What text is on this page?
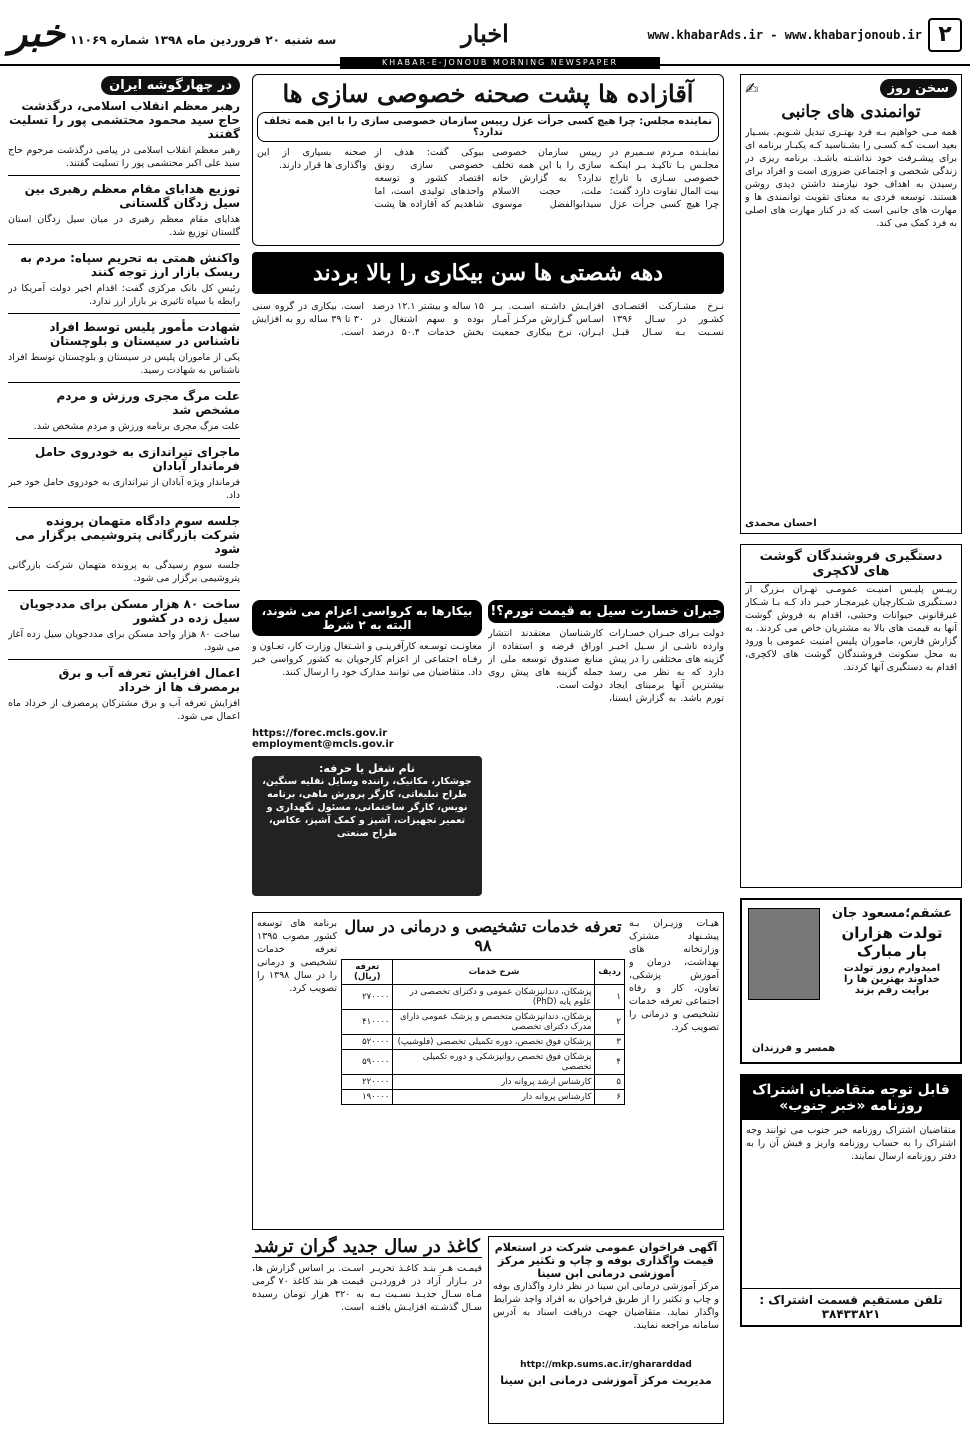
۲
www.khabarAds.ir - www.khabarjonoub.ir
اخبار
سه شنبه ۲۰ فروردین ماه ۱۳۹۸ شماره ۱۱۰۶۹
خبر
KHABAR-E-JONOUB MORNING NEWSPAPER
سخن روز
✍
توانمندی های جانبی

همه مـی خواهیم بـه فرد بهتـری تبدیل شـویم. بسـیار بعید اسـت کـه کسـی را بشـناسید کـه یکبـار برنامه ای برای پیشـرفت خود نداشـته باشـد. برنامه ریزی در زندگی شخصی و اجتماعی ضروری است و افراد برای رسیدن به اهداف خود نیازمند داشتن دیدی روشن هستند. توسعه فردی به معنای تقویت توانمندی ها و مهارت های جانبی است که در کنار مهارت های اصلی به فرد کمک می کند.

احسان محمدی
دستگیری فروشندگان گوشت های لاکچری

رییـس پلیـس امنیـت عمومـی تهـران بـزرگ از دسـتگیری شـکارچیان غیرمجـاز خبـر داد کـه بـا شـکار غیرقانونی حیوانات وحشی، اقدام به فروش گوشت آنها به قیمت های بالا به مشتریان خاص می کردند. به گزارش فارس، ماموران پلیس امنیت عمومی با ورود به محل سکونت فروشندگان گوشت های لاکچری، اقدام به دستگیری آنها کردند.

عشقم؛مسعود جان
تولدت هزاران بار مبارک
امیدوارم روز تولدت خداوند بهترین ها را برایت رقم بزند
همسر و فرزندان
قابل توجه متقاضیان اشتراک روزنامه «خبر جنوب»

متقاضیان اشتراک روزنامه خبر جنوب می توانند وجه اشتراک را به حساب روزنامه واریز و فیش آن را به دفتر روزنامه ارسال نمایند.

تلفن مستقیم قسمت اشتراک : ۳۸۴۳۳۸۲۱
آقازاده ها پشت صحنه خصوصی سازی ها
نماینده مجلس: چرا هیچ کسی جرأت عزل رییس سازمان خصوصی سازی را با این همه تخلف ندارد؟

نماینـده مـردم سـمیرم در مجلـس بـا تاکیـد بـر اینکـه خصوصی سـازی با تاراج بیت المال تفاوت دارد گفت: چرا هیچ کسی جرأت عزل رییس سازمان خصوصی سازی را با این همه تخلف ندارد؟ به گزارش خانه ملت، حجت الاسلام سیدابوالفضل موسوی بیوکی گفت: هدف از خصوصی سازی رونق اقتصاد کشور و توسعه واحدهای تولیدی است، اما شاهدیم که آقازاده ها پشت صحنه بسیاری از این واگذاری ها قرار دارند.

دهه شصتی ها سن بیکاری را بالا بردند

نـرخ مشـارکت اقتصـادی کشـور در سـال ۱۳۹۶ نسـبت بـه سـال قبـل افزایـش داشـته اسـت. بـر اسـاس گـزارش مرکـز آمـار ایـران، نرخ بیکاری جمعیت ۱۵ ساله و بیشتر ۱۲.۱ درصد بوده و سهم اشتغال در بخش خدمات ۵۰.۴ درصد است. بیکاری در گروه سنی ۳۰ تا ۳۹ ساله رو به افزایش است.

جبران خسارت سیل به قیمت تورم؟!

دولت بـرای جبـران خسـارات وارده ناشـی از سـیل اخیـر گزینه های مختلفی را در پیش دارد که به نظر می رسد بیشترین آنها برمبنای ایجاد تورم باشد. به گزارش ایسنا، کارشناسان معتقدند انتشار اوراق قرضه و استفاده از منابع صندوق توسعه ملی از جمله گزینه های پیش روی دولت است.

بیکارها به کرواسی اعزام می شوند، البته به ۲ شرط

معاونـت توسـعه کارآفرینـی و اشـتغال وزارت کار، تعـاون و رفـاه اجتماعی از اعزام کارجویان به کشور کرواسی خبر داد. متقاضیان می توانند مدارک خود را ارسال کنند.

https://forec.mcls.gov.ir
employment@mcls.gov.ir
نام شغل یا حرفه:

جوشکار، مکانیک، راننده وسایل نقلیه سنگین، طراح تبلیغاتی، کارگر پرورش ماهی، برنامه نویس، کارگر ساختمانی، مسئول نگهداری و تعمیر تجهیزات، آشپز و کمک آشپز، عکاس، طراح صنعتی

هیـات وزیـران بـه پیشـنهاد مشترک وزارتخانه های بهداشت، درمان و آموزش پزشکی، تعاون، کار و رفاه اجتماعی تعرفه خدمات تشخیصی و درمانی را تصویب کرد.

تعرفه خدمات تشخیصی و درمانی در سال ۹۸
ردیف	شرح خدمات	تعرفه (ریال)
۱	پزشکان، دندانپزشکان عمومی و دکترای تخصصی در علوم پایه (PhD)	۲۷۰۰۰۰
۲	پزشکان، دندانپزشکان متخصص و پزشک عمومی دارای مدرک دکترای تخصصی	۴۱۰۰۰۰
۳	پزشکان فوق تخصص، دوره تکمیلی تخصصی (فلوشیپ)	۵۲۰۰۰۰
۴	پزشکان فوق تخصص روانپزشکی و دوره تکمیلی تخصصی	۵۹۰۰۰۰
۵	کارشناس ارشد پروانه دار	۲۲۰۰۰۰
۶	کارشناس پروانه دار	۱۹۰۰۰۰

برنامه های توسعه کشور مصوب ۱۳۹۵ تعرفه خدمات تشخیصی و درمانی را در سال ۱۳۹۸ را تصویب کرد.

آگهی فراخوان عمومی شرکت در استعلام قیمت واگذاری بوفه و چاپ و تکثیر مرکز آموزشی درمانی ابن سینا

مرکز آموزشی درمانی ابن سینا در نظر دارد واگذاری بوفه و چاپ و تکثیر را از طریق فراخوان به افراد واجد شرایط واگذار نماید. متقاضیان جهت دریافت اسناد به آدرس سامانه مراجعه نمایند.

http://mkp.sums.ac.ir/ghararddad
مدیریت مرکز آموزشی درمانی ابن سینا
کاغذ در سال جدید گران ترشد

قیمـت هـر بنـد کاغـذ تحریـر در بـازار آزاد در فروردیـن مـاه سـال جدیـد نسـبت بـه سـال گذشـته افزایـش یافتـه اسـت. بر اساس گزارش ها، قیمت هر بند کاغذ ۷۰ گرمی به ۳۲۰ هزار تومان رسیده است.

در چهارگوشه ایران
رهبر معظم انقلاب اسلامی، درگذشت حاج سید محمود محتشمی پور را تسلیت گفتند

رهبر معظم انقلاب اسلامی در پیامی درگذشت مرحوم حاج سید علی اکبر محتشمی پور را تسلیت گفتند.

توزیع هدایای مقام معظم رهبری بین سیل زدگان گلستانی

هدایای مقام معظم رهبری در میان سیل زدگان استان گلستان توزیع شد.

واکنش همتی به تحریم سپاه: مردم به ریسک بازار ارز توجه کنند

رئیس کل بانک مرکزی گفت: اقدام اخیر دولت آمریکا در رابطه با سپاه تاثیری بر بازار ارز ندارد.

شهادت مأمور پلیس توسط افراد ناشناس در سیستان و بلوچستان

یکی از ماموران پلیس در سیستان و بلوچستان توسط افراد ناشناس به شهادت رسید.

علت مرگ مجری ورزش و مردم مشخص شد

علت مرگ مجری برنامه ورزش و مردم مشخص شد.

ماجرای تیراندازی به خودروی حامل فرماندار آبادان

فرماندار ویژه آبادان از تیراندازی به خودروی حامل خود خبر داد.

جلسه سوم دادگاه متهمان پرونده شرکت بازرگانی پتروشیمی برگزار می شود

جلسه سوم رسیدگی به پرونده متهمان شرکت بازرگانی پتروشیمی برگزار می شود.

ساخت ۸۰ هزار مسکن برای مددجویان سیل زده در کشور

ساخت ۸۰ هزار واحد مسکن برای مددجویان سیل زده آغاز می شود.

اعمال افزایش تعرفه آب و برق برمصرف ها از خرداد

افزایش تعرفه آب و برق مشترکان پرمصرف از خرداد ماه اعمال می شود.
